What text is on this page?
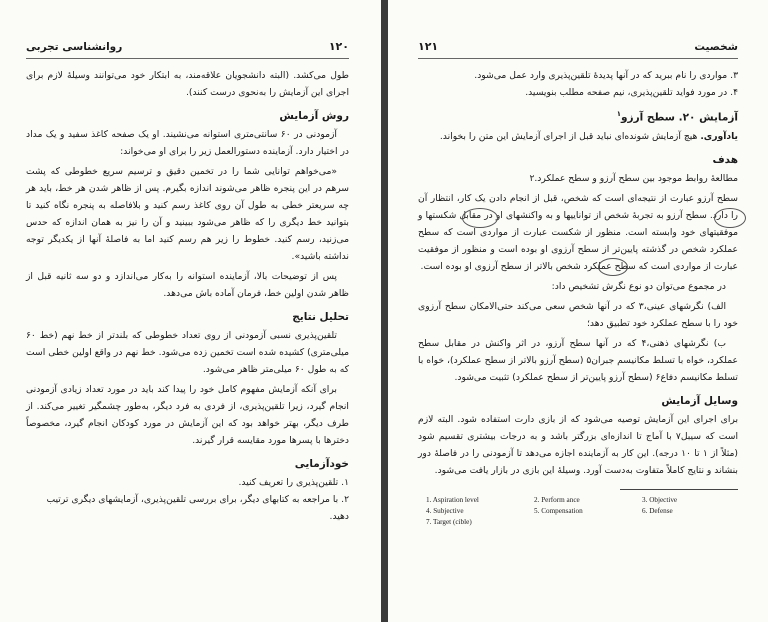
۱۲۰
روانشناسی تجربی

طول می‌کشد. (البته دانشجویان علاقه‌مند، به ابتکار خود می‌توانند وسیلهٔ لازم برای اجرای این آزمایش را به‌نحوی درست کنند).

روش آزمایش

آزمودنی در ۶۰ سانتی‌متری استوانه می‌نشیند. او یک صفحه کاغذ سفید و یک مداد در اختیار دارد. آزماینده دستورالعمل زیر را برای او می‌خواند:

«می‌خواهم توانایی شما را در تخمین دقیق و ترسیم سریع خطوطی که پشت سرهم در این پنجره ظاهر می‌شوند اندازه بگیرم. پس از ظاهر شدن هر خط، باید هر چه سریعتر خطی به طول آن روی کاغذ رسم کنید و بلافاصله به پنجره نگاه کنید تا بتوانید خط دیگری را که ظاهر می‌شود ببینید و آن را نیز به همان اندازه که حدس می‌زنید، رسم کنید. خطوط را زیر هم رسم کنید اما به فاصلهٔ آنها از یکدیگر توجه نداشته باشید».

پس از توضیحات بالا، آزماینده استوانه را به‌کار می‌اندازد و دو سه ثانیه قبل از ظاهر شدن اولین خط، فرمان آماده باش می‌دهد.

تحلیل نتایج

تلقین‌پذیری نسبی آزمودنی از روی تعداد خطوطی که بلندتر از خط نهم (خط ۶۰ میلی‌متری) کشیده شده است تخمین زده می‌شود. خط نهم در واقع اولین خطی است که به طول ۶۰ میلی‌متر ظاهر می‌شود.

برای آنکه آزمایش مفهوم کامل خود را پیدا کند باید در مورد تعداد زیادی آزمودنی انجام گیرد، زیرا تلقین‌پذیری، از فردی به فرد دیگر، به‌طور چشمگیر تغییر می‌کند. از طرف دیگر، بهتر خواهد بود که این آزمایش در مورد کودکان انجام گیرد، مخصوصاً دخترها با پسرها مورد مقایسه قرار گیرند.

خودآزمایی
۱. تلقین‌پذیری را تعریف کنید.
۲. با مراجعه به کتابهای دیگر، برای بررسی تلقین‌پذیری، آزمایشهای دیگری ترتیب دهید.
شخصیت
۱۲۱
۳. مواردی را نام ببرید که در آنها پدیدهٔ تلقین‌پذیری وارد عمل می‌شود.
۴. در مورد فواید تلقین‌پذیری، نیم صفحه مطلب بنویسید.
آزمایش ۲۰. سطح آرزو$^۱$

یادآوری. هیچ آزمایش شونده‌ای نباید قبل از اجرای آزمایش این متن را بخواند.

هدف

مطالعهٔ روابط موجود بین سطح آرزو و سطح عملکرد.۲

سطح آرزو عبارت از نتیجه‌ای است که شخص، قبل از انجام دادن یک کار، انتظار آن را دارد. سطح آرزو به تجربهٔ شخص از تواناییها و به واکنشهای او در مقابل شکستها و موفقیتهای خود وابسته است. منظور از شکست عبارت از مواردی است که سطح عملکرد شخص در گذشته پایین‌تر از سطح آرزوی او بوده است و منظور از موفقیت عبارت از مواردی است که سطح عملکرد شخص بالاتر از سطح آرزوی او بوده است.

در مجموع می‌توان دو نوع نگرش تشخیص داد:

الف) نگرشهای عینی،۳ که در آنها شخص سعی می‌کند حتی‌الامکان سطح آرزوی خود را با سطح عملکرد خود تطبیق دهد؛

ب) نگرشهای ذهنی،۴ که در آنها سطح آرزو، در اثر واکنش در مقابل سطح عملکرد، خواه با تسلط مکانیسم جبران۵ (سطح آرزو بالاتر از سطح عملکرد)، خواه با تسلط مکانیسم دفاع۶ (سطح آرزو پایین‌تر از سطح عملکرد) تثبیت می‌شود.

وسایل آزمایش

برای اجرای این آزمایش توصیه می‌شود که از بازی دارت استفاده شود. البته لازم است که سیبل۷ با آماج تا اندازه‌ای بزرگتر باشد و به درجات بیشتری تقسیم شود (مثلاً از ۱ تا ۱۰ درجه). این کار به آزماینده اجازه می‌دهد تا آزمودنی را در فاصلهٔ دور بنشاند و نتایج کاملاً متفاوت به‌دست آورد. وسیلهٔ این بازی در بازار یافت می‌شود.

1. Aspiration level	2. Perform ance	3. Objective
4. Subjective	5. Compensation	6. Defense
7. Target (cible)
